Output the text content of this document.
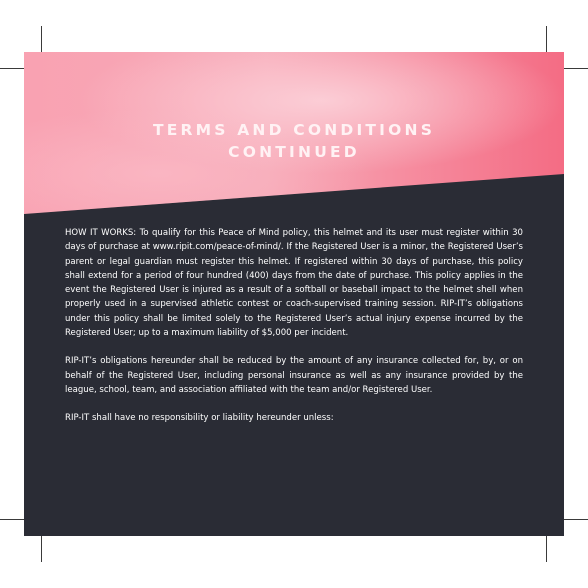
TERMS AND CONDITIONS
CONTINUED

HOW IT WORKS: To qualify for this Peace of Mind policy, this helmet and its user must register within 30 days of purchase at www.ripit.com/peace-of-mind/. If the Registered User is a minor, the Registered User’s parent or legal guardian must register this helmet. If registered within 30 days of purchase, this policy shall extend for a period of four hundred (400) days from the date of purchase. This policy applies in the event the Registered User is injured as a result of a softball or baseball impact to the helmet shell when properly used in a supervised athletic contest or coach-supervised training session. RIP-IT’s obligations under this policy shall be limited solely to the Registered User’s actual injury expense incurred by the Registered User; up to a maximum liability of $5,000 per incident.

RIP-IT’s obligations hereunder shall be reduced by the amount of any insurance collected for, by, or on behalf of the Registered User, including personal insurance as well as any insurance provided by the league, school, team, and association affiliated with the team and/or Registered User.

RIP-IT shall have no responsibility or liability hereunder unless:
